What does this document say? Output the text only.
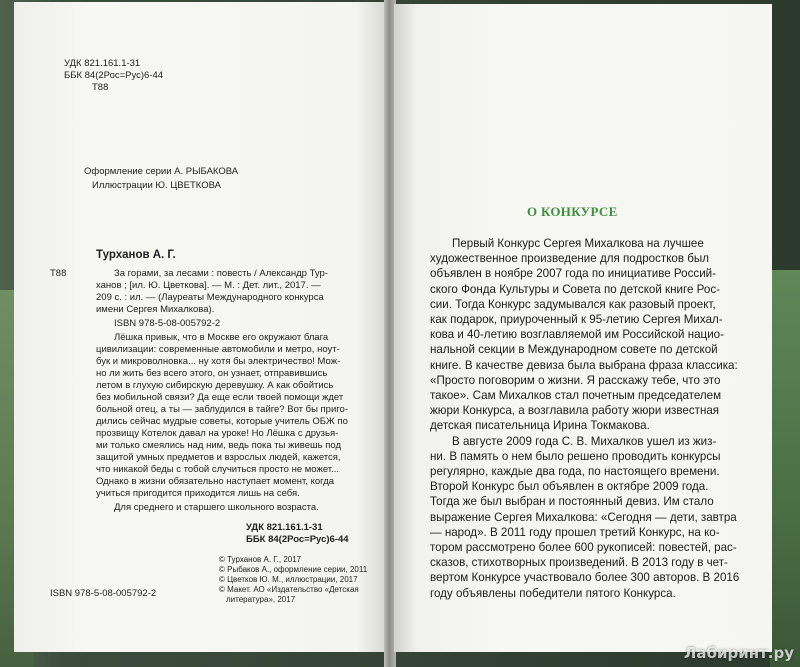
УДК 821.161.1-31
ББК 84(2Рос=Рус)6-44
Т88
Оформление серии А. РЫБАКОВА
Иллюстрации Ю. ЦВЕТКОВА
Турханов А. Г.
Т88	За горами, за лесами : повесть / Александр Тур-
ханов ; [ил. Ю. Цветкова]. — М. : Дет. лит., 2017. —
209 с. : ил. — (Лауреаты Международного конкурса
имени Сергея Михалкова).
ISBN 978-5-08-005792-2
Лёшка привык, что в Москве его окружают блага
цивилизации: современные автомобили и метро, ноут-
бук и микроволновка... ну хотя бы электричество! Мож-
но ли жить без всего этого, он узнает, отправившись
летом в глухую сибирскую деревушку. А как обойтись
без мобильной связи? Да еще если твоей помощи ждет
больной отец, а ты — заблудился в тайге? Вот бы приго-
дились сейчас мудрые советы, которые учитель ОБЖ по
прозвищу Котелок давал на уроке! Но Лёшка с друзья-
ми только смеялись над ним, ведь пока ты живешь под
защитой умных предметов и взрослых людей, кажется,
что никакой беды с тобой случиться просто не может...
Однако в жизни обязательно наступает момент, когда
учиться пригодится приходится лишь на себя.
Для среднего и старшего школьного возраста.
УДК 821.161.1-31
ББК 84(2Рос=Рус)6-44
© Турханов А. Г., 2017
© Рыбаков А., оформление серии, 2011
© Цветков Ю. М., иллюстрации, 2017
© Макет. АО «Издательство «Детская
литература», 2017
ISBN 978-5-08-005792-2
О КОНКУРСЕ
Первый Конкурс Сергея Михалкова на лучшее
художественное произведение для подростков был
объявлен в ноябре 2007 года по инициативе Россий-
ского Фонда Культуры и Совета по детской книге Рос-
сии. Тогда Конкурс задумывался как разовый проект,
как подарок, приуроченный к 95-летию Сергея Михал-
кова и 40-летию возглавляемой им Российской нацио-
нальной секции в Международном совете по детской
книге. В качестве девиза была выбрана фраза классика:
«Просто поговорим о жизни. Я расскажу тебе, что это
такое». Сам Михалков стал почетным председателем
жюри Конкурса, а возглавила работу жюри известная
детская писательница Ирина Токмакова.
В августе 2009 года С. В. Михалков ушел из жиз-
ни. В память о нем было решено проводить конкурсы
регулярно, каждые два года, по настоящего времени.
Второй Конкурс был объявлен в октябре 2009 года.
Тогда же был выбран и постоянный девиз. Им стало
выражение Сергея Михалкова: «Сегодня — дети, завтра
— народ». В 2011 году прошел третий Конкурс, на ко-
тором рассмотрено более 600 рукописей: повестей, рас-
сказов, стихотворных произведений. В 2013 году в чет-
вертом Конкурсе участвовало более 300 авторов. В 2016
году объявлены победители пятого Конкурса.
Лабиринт.ру
